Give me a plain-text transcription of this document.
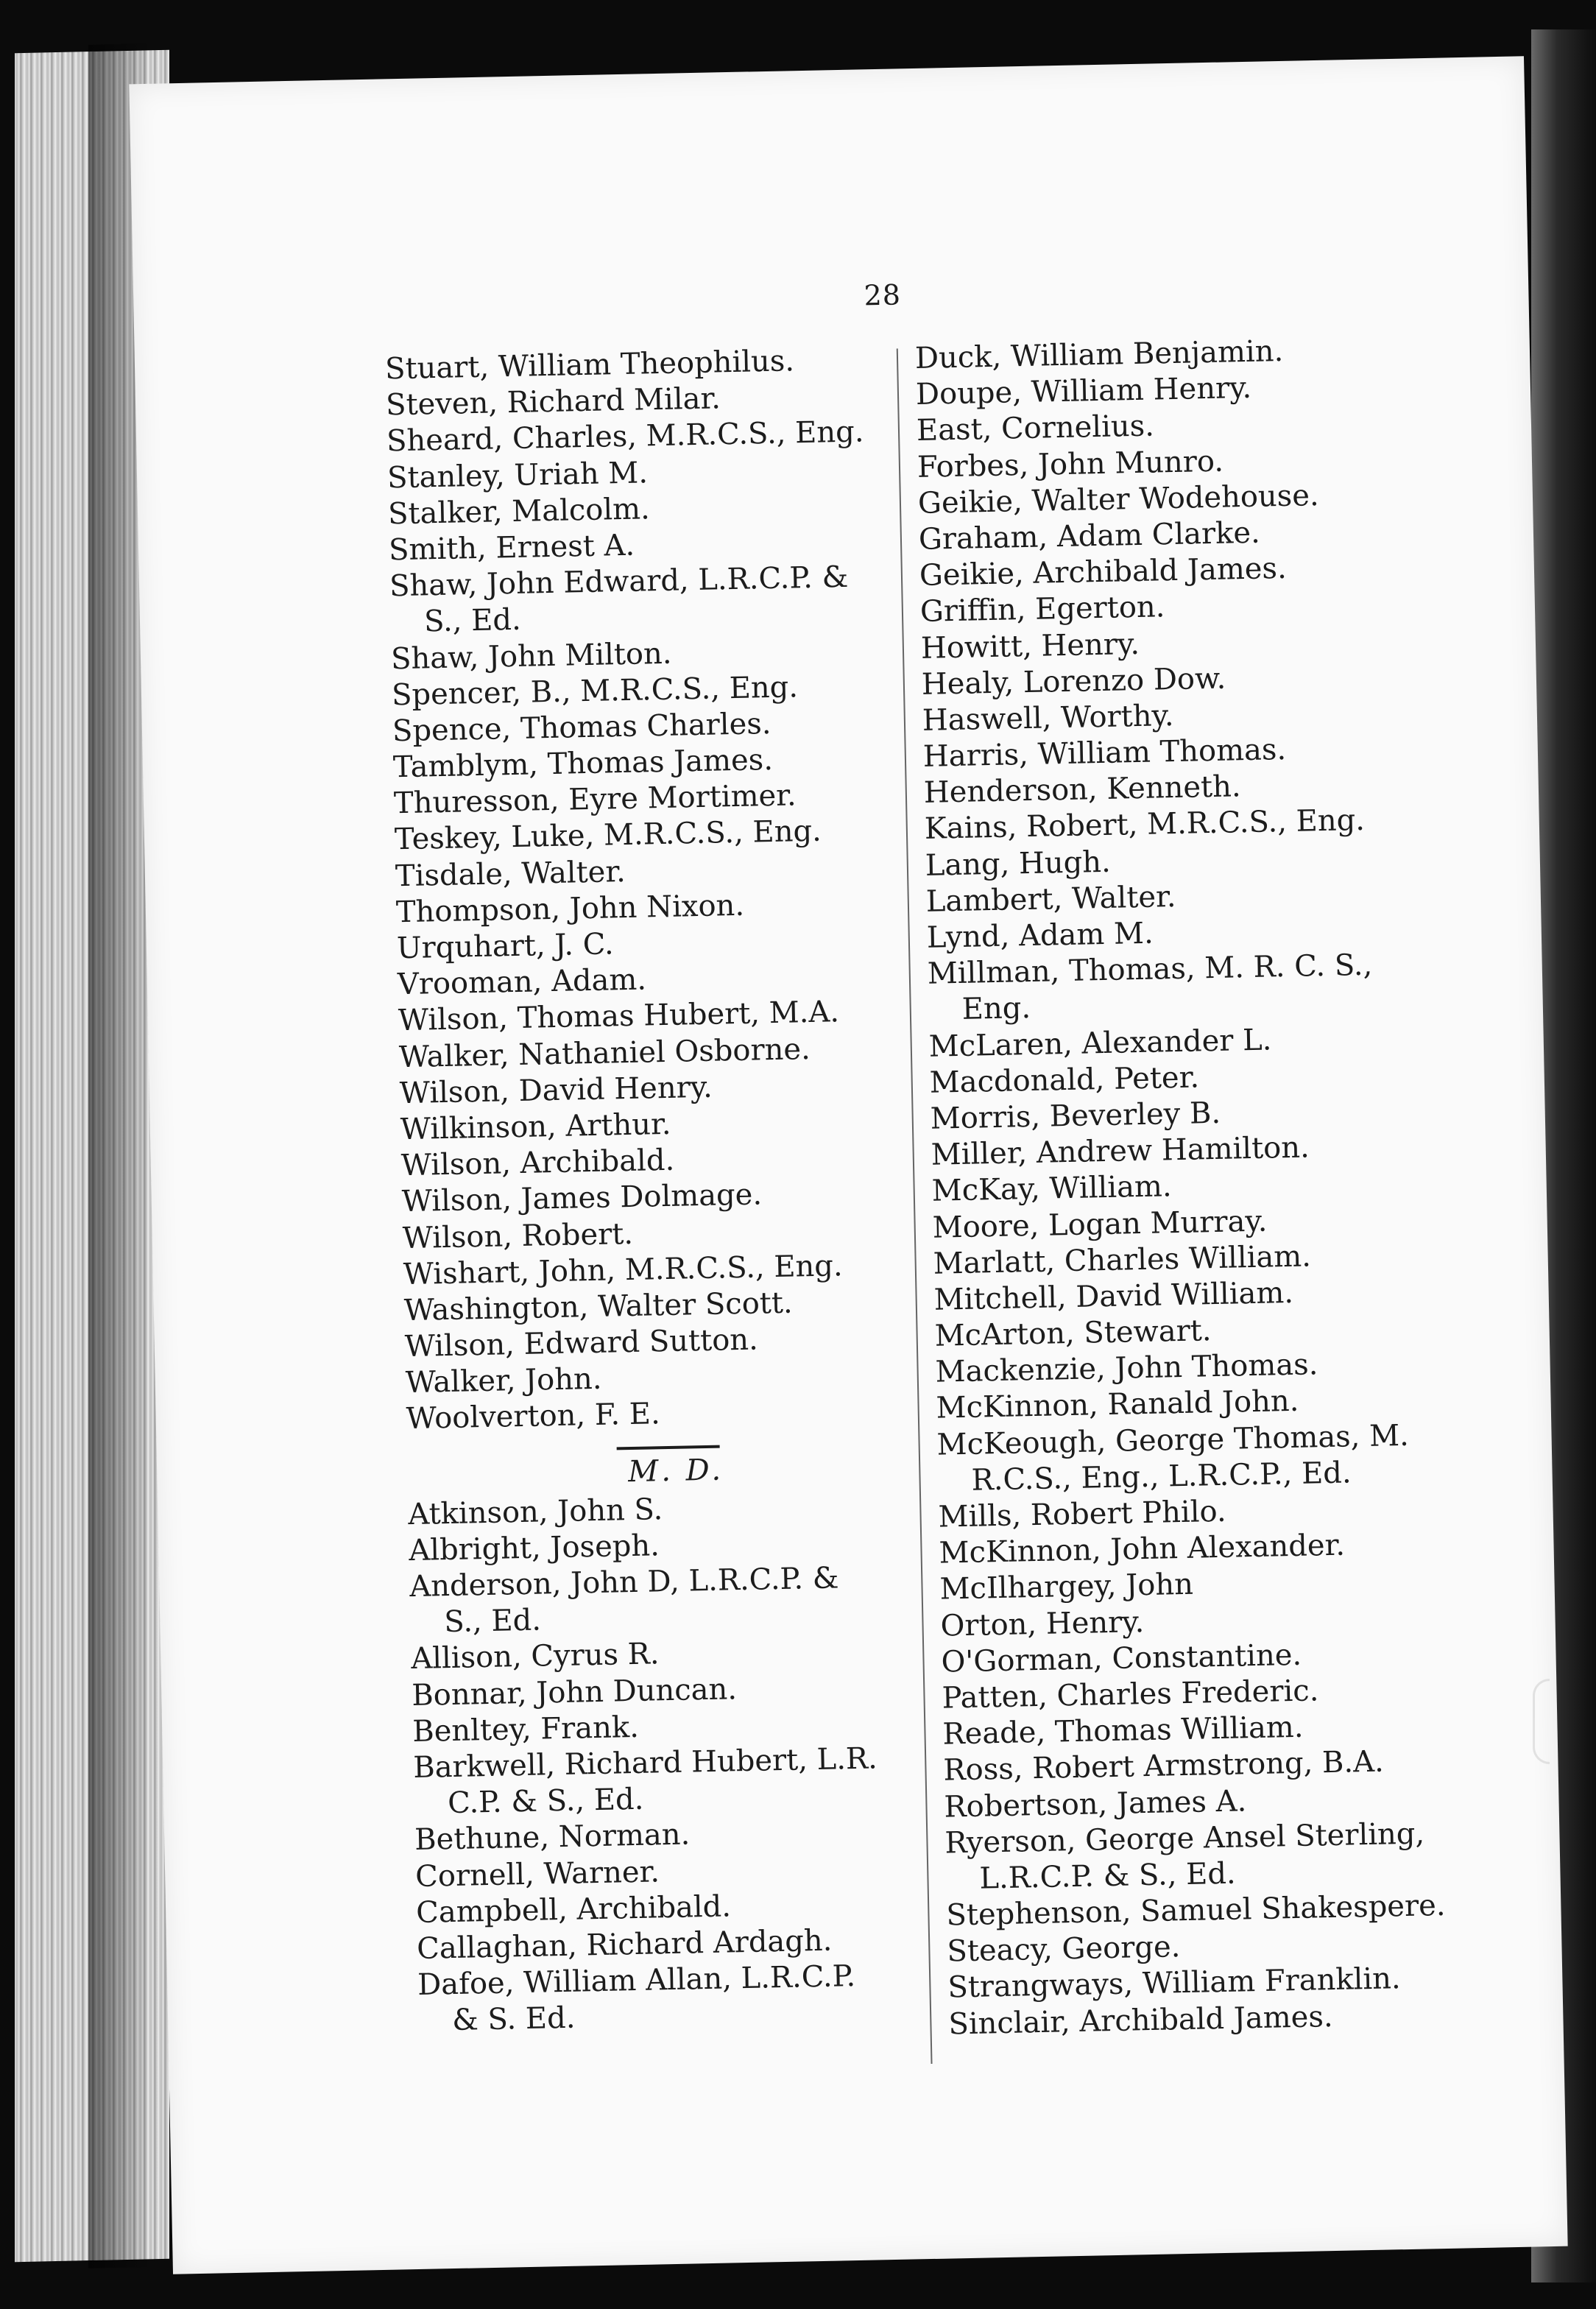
28
Stuart, William Theophilus.
Steven, Richard Milar.
Sheard, Charles, M.R.C.S., Eng.
Stanley, Uriah M.
Stalker, Malcolm.
Smith, Ernest A.
Shaw, John Edward, L.R.C.P. &
S., Ed.
Shaw, John Milton.
Spencer, B., M.R.C.S., Eng.
Spence, Thomas Charles.
Tamblym, Thomas James.
Thuresson, Eyre Mortimer.
Teskey, Luke, M.R.C.S., Eng.
Tisdale, Walter.
Thompson, John Nixon.
Urquhart, J. C.
Vrooman, Adam.
Wilson, Thomas Hubert, M.A.
Walker, Nathaniel Osborne.
Wilson, David Henry.
Wilkinson, Arthur.
Wilson, Archibald.
Wilson, James Dolmage.
Wilson, Robert.
Wishart, John, M.R.C.S., Eng.
Washington, Walter Scott.
Wilson, Edward Sutton.
Walker, John.
Woolverton, F. E.
M. D.
Atkinson, John S.
Albright, Joseph.
Anderson, John D, L.R.C.P. &
S., Ed.
Allison, Cyrus R.
Bonnar, John Duncan.
Benltey, Frank.
Barkwell, Richard Hubert, L.R.
C.P. & S., Ed.
Bethune, Norman.
Cornell, Warner.
Campbell, Archibald.
Callaghan, Richard Ardagh.
Dafoe, William Allan, L.R.C.P.
& S. Ed.
Duck, William Benjamin.
Doupe, William Henry.
East, Cornelius.
Forbes, John Munro.
Geikie, Walter Wodehouse.
Graham, Adam Clarke.
Geikie, Archibald James.
Griffin, Egerton.
Howitt, Henry.
Healy, Lorenzo Dow.
Haswell, Worthy.
Harris, William Thomas.
Henderson, Kenneth.
Kains, Robert, M.R.C.S., Eng.
Lang, Hugh.
Lambert, Walter.
Lynd, Adam M.
Millman, Thomas, M. R. C. S.,
Eng.
McLaren, Alexander L.
Macdonald, Peter.
Morris, Beverley B.
Miller, Andrew Hamilton.
McKay, William.
Moore, Logan Murray.
Marlatt, Charles William.
Mitchell, David William.
McArton, Stewart.
Mackenzie, John Thomas.
McKinnon, Ranald John.
McKeough, George Thomas, M.
R.C.S., Eng., L.R.C.P., Ed.
Mills, Robert Philo.
McKinnon, John Alexander.
McIlhargey, John
Orton, Henry.
O'Gorman, Constantine.
Patten, Charles Frederic.
Reade, Thomas William.
Ross, Robert Armstrong, B.A.
Robertson, James A.
Ryerson, George Ansel Sterling,
L.R.C.P. & S., Ed.
Stephenson, Samuel Shakespere.
Steacy, George.
Strangways, William Franklin.
Sinclair, Archibald James.
